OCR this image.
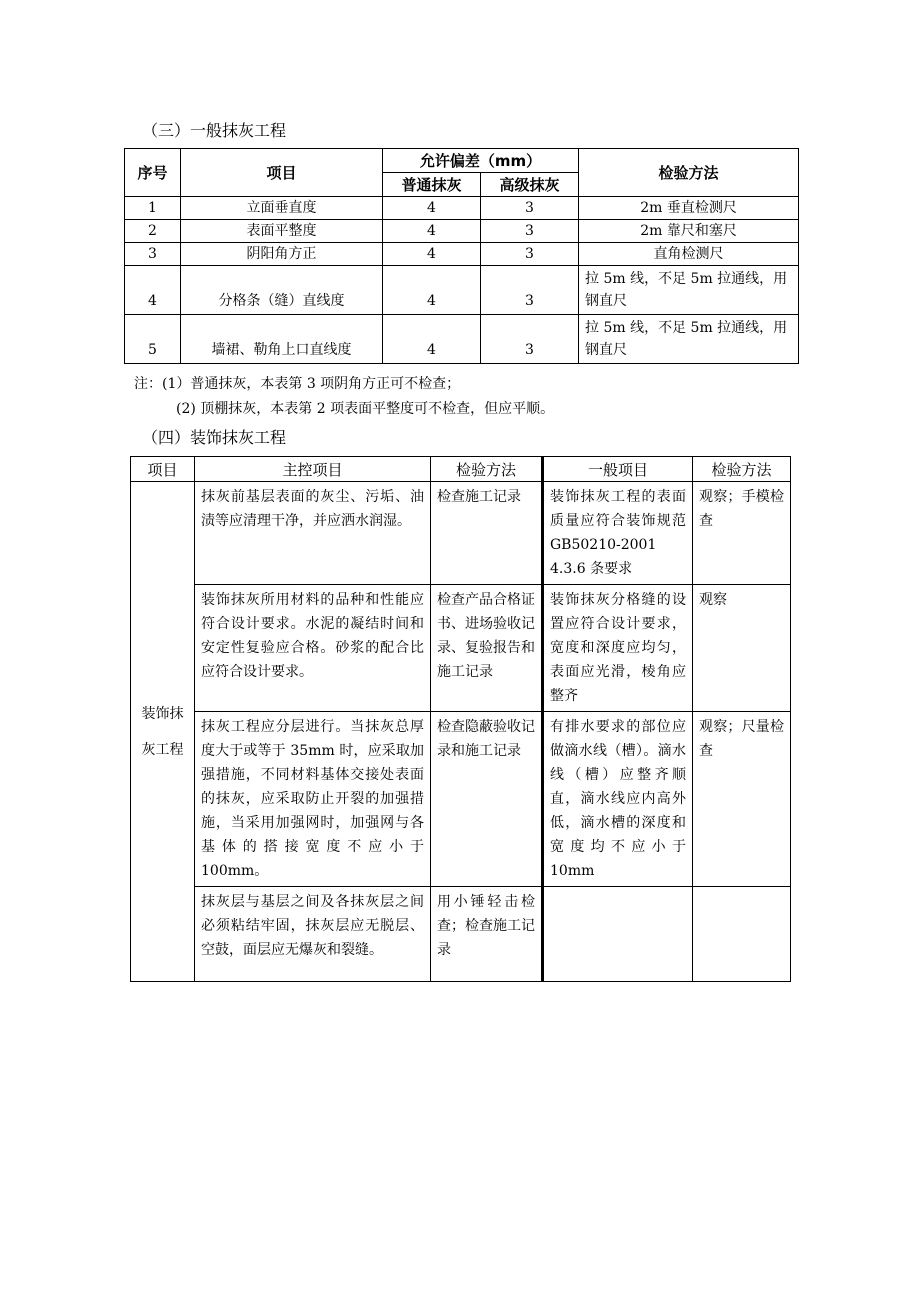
（三）一般抹灰工程
序号	项目	允许偏差（mm）		检验方法
		普通抹灰	高级抹灰	
1	立面垂直度	4	3	2m 垂直检测尺
2	表面平整度	4	3	2m 靠尺和塞尺
3	阴阳角方正	4	3	直角检测尺
4	分格条（缝）直线度	4	3	拉 5m 线，不足 5m 拉通线，用钢直尺
5	墙裙、勒角上口直线度	4	3	拉 5m 线，不足 5m 拉通线，用钢直尺
注：(1）普通抹灰，本表第 3 项阴角方正可不检查；
(2) 顶棚抹灰，本表第 2 项表面平整度可不检查，但应平顺。
（四）装饰抹灰工程
项目	主控项目	检验方法	一般项目	检验方法

装饰抹灰工程	抹灰前基层表面的灰尘、污垢、油渍等应清理干净，并应洒水润湿。	检查施工记录	装饰抹灰工程的表面质量应符合装饰规范 GB50210-2001 4.3.6 条要求	观察；手模检查
	装饰抹灰所用材料的品种和性能应符合设计要求。水泥的凝结时间和安定性复验应合格。砂浆的配合比应符合设计要求。	检查产品合格证书、进场验收记录、复验报告和施工记录	装饰抹灰分格缝的设置应符合设计要求，宽度和深度应均匀，表面应光滑，棱角应整齐	观察
	抹灰工程应分层进行。当抹灰总厚度大于或等于 35mm 时，应采取加强措施，不同材料基体交接处表面的抹灰，应采取防止开裂的加强措施，当采用加强网时，加强网与各基体的搭接宽度不应小于 100mm。	检查隐蔽验收记录和施工记录	有排水要求的部位应做滴水线（槽）。滴水线（槽）应整齐顺直，滴水线应内高外低，滴水槽的深度和宽度均不应小于 10mm	观察；尺量检查
	抹灰层与基层之间及各抹灰层之间必须粘结牢固，抹灰层应无脱层、空鼓，面层应无爆灰和裂缝。	用小锤轻击检查；检查施工记录		
